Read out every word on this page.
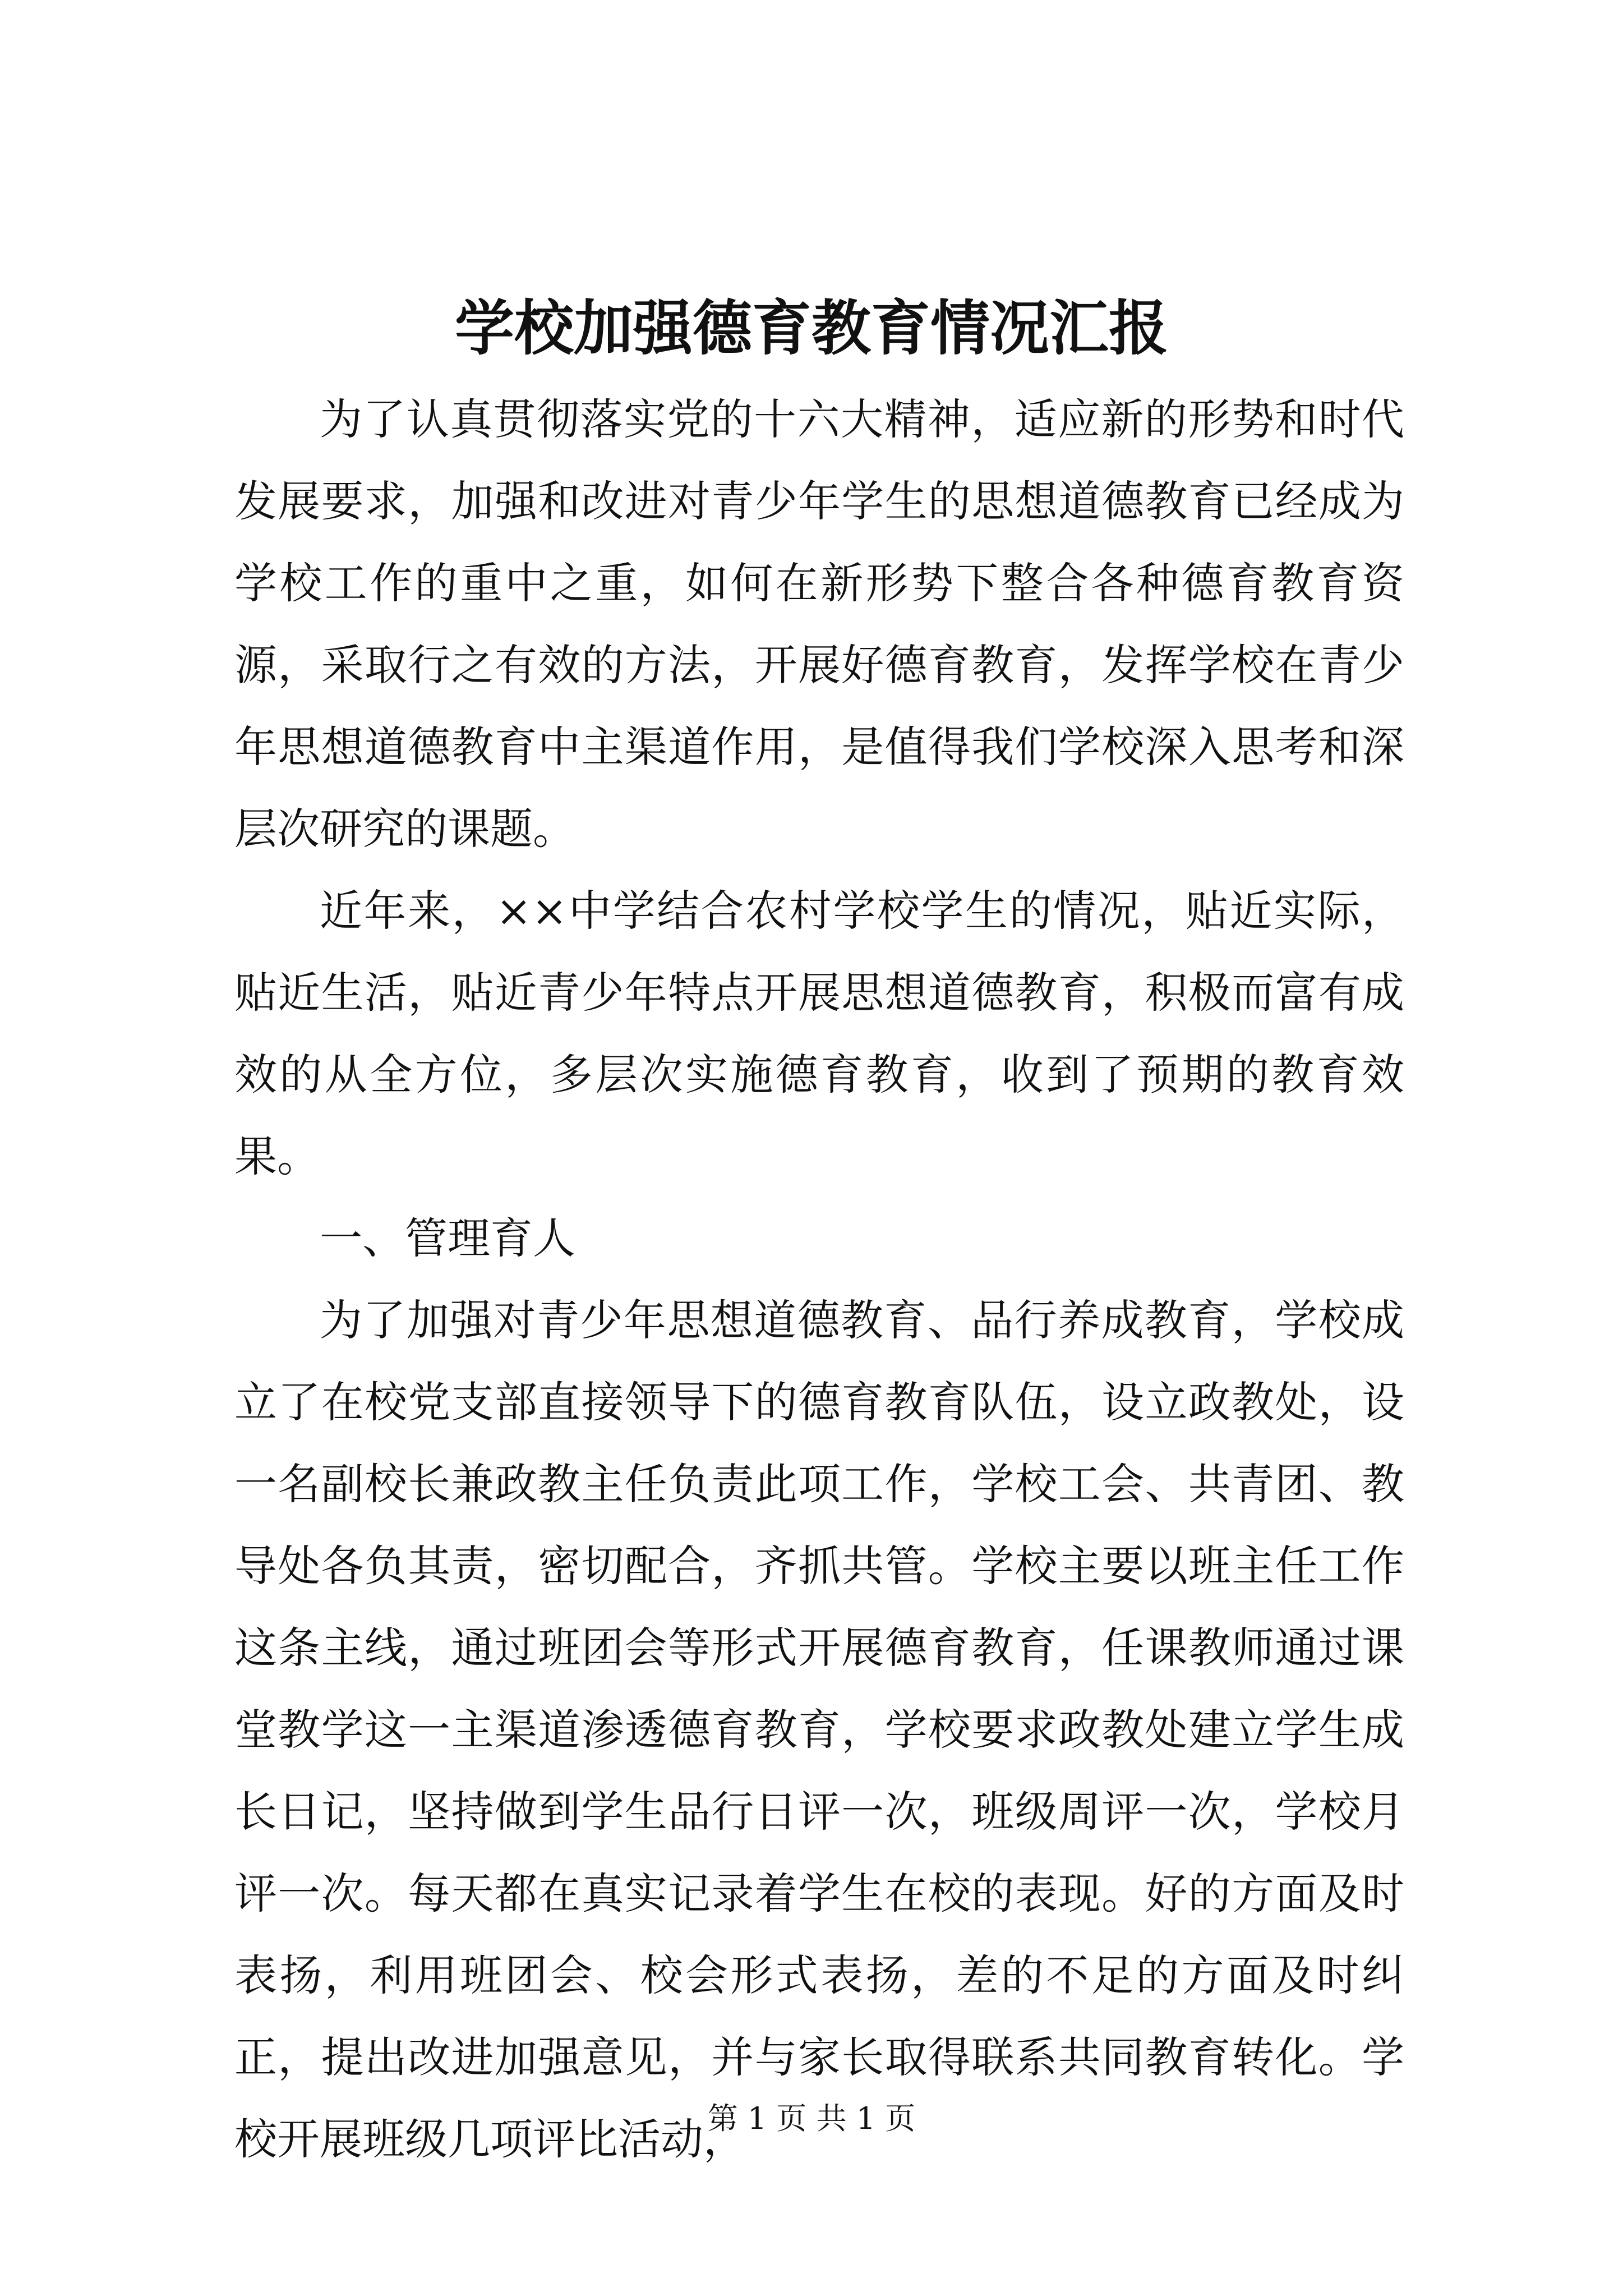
学校加强德育教育情况汇报

为了认真贯彻落实党的十六大精神，适应新的形势和时代发展要求，加强和改进对青少年学生的思想道德教育已经成为学校工作的重中之重，如何在新形势下整合各种德育教育资源，采取行之有效的方法，开展好德育教育，发挥学校在青少年思想道德教育中主渠道作用，是值得我们学校深入思考和深层次研究的课题。

近年来，××中学结合农村学校学生的情况，贴近实际，贴近生活，贴近青少年特点开展思想道德教育，积极而富有成效的从全方位，多层次实施德育教育，收到了预期的教育效果。

一、管理育人

为了加强对青少年思想道德教育、品行养成教育，学校成立了在校党支部直接领导下的德育教育队伍，设立政教处，设一名副校长兼政教主任负责此项工作，学校工会、共青团、教导处各负其责，密切配合，齐抓共管。学校主要以班主任工作这条主线，通过班团会等形式开展德育教育，任课教师通过课堂教学这一主渠道渗透德育教育，学校要求政教处建立学生成长日记，坚持做到学生品行日评一次，班级周评一次，学校月评一次。每天都在真实记录着学生在校的表现。好的方面及时表扬，利用班团会、校会形式表扬，差的不足的方面及时纠正，提出改进加强意见，并与家长取得联系共同教育转化。学校开展班级几项评比活动，

第 1 页 共 1 页
